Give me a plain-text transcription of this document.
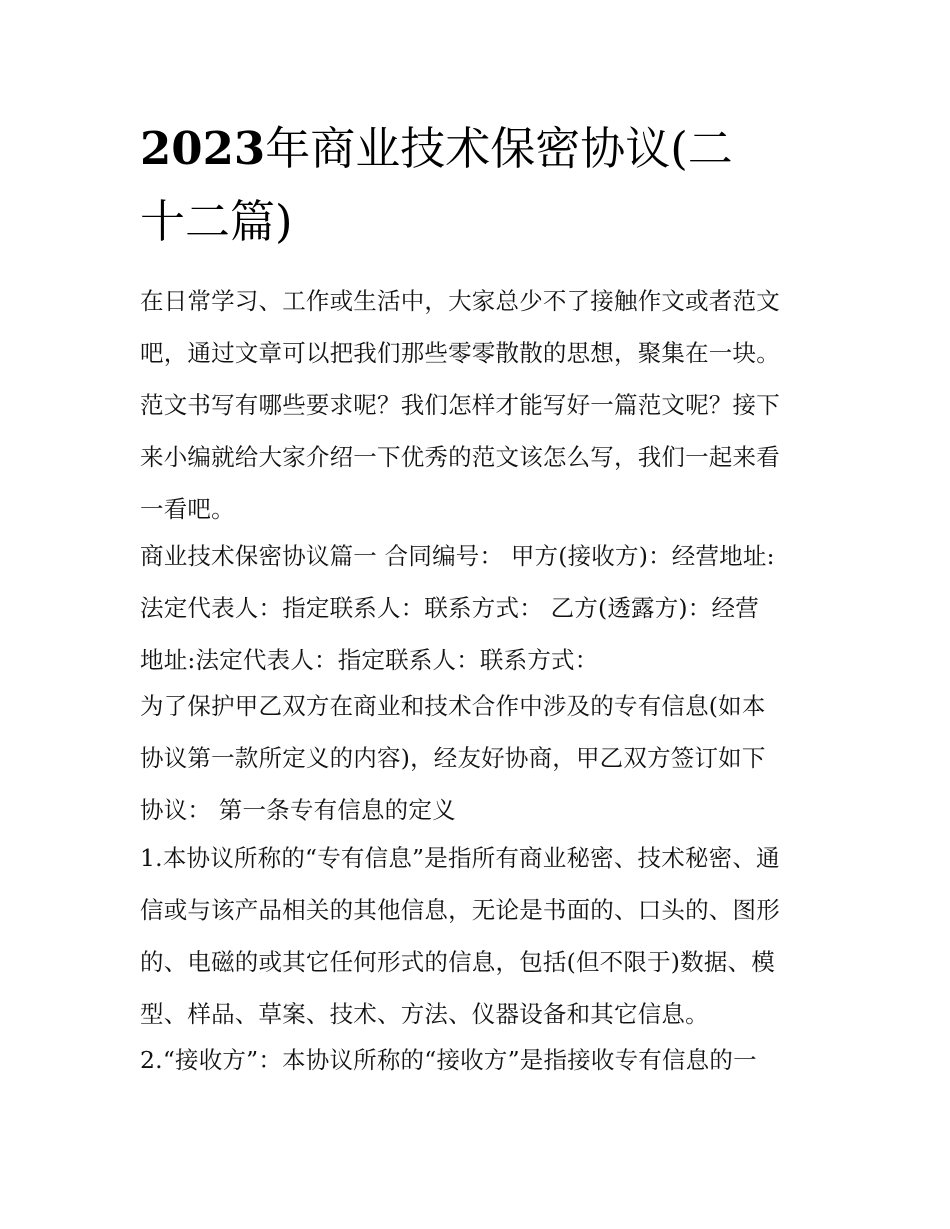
2023年商业技术保密协议(二
十二篇)
在日常学习、工作或生活中，大家总少不了接触作文或者范文
吧，通过文章可以把我们那些零零散散的思想，聚集在一块。
范文书写有哪些要求呢？我们怎样才能写好一篇范文呢？接下
来小编就给大家介绍一下优秀的范文该怎么写，我们一起来看
一看吧。
商业技术保密协议篇一 合同编号： 甲方(接收方)：经营地址:
法定代表人：指定联系人：联系方式： 乙方(透露方)：经营
地址:法定代表人：指定联系人：联系方式：
为了保护甲乙双方在商业和技术合作中涉及的专有信息(如本
协议第一款所定义的内容)，经友好协商，甲乙双方签订如下
协议： 第一条专有信息的定义
1.本协议所称的“专有信息”是指所有商业秘密、技术秘密、通
信或与该产品相关的其他信息，无论是书面的、口头的、图形
的、电磁的或其它任何形式的信息，包括(但不限于)数据、模
型、样品、草案、技术、方法、仪器设备和其它信息。
2.“接收方”：本协议所称的“接收方”是指接收专有信息的一
